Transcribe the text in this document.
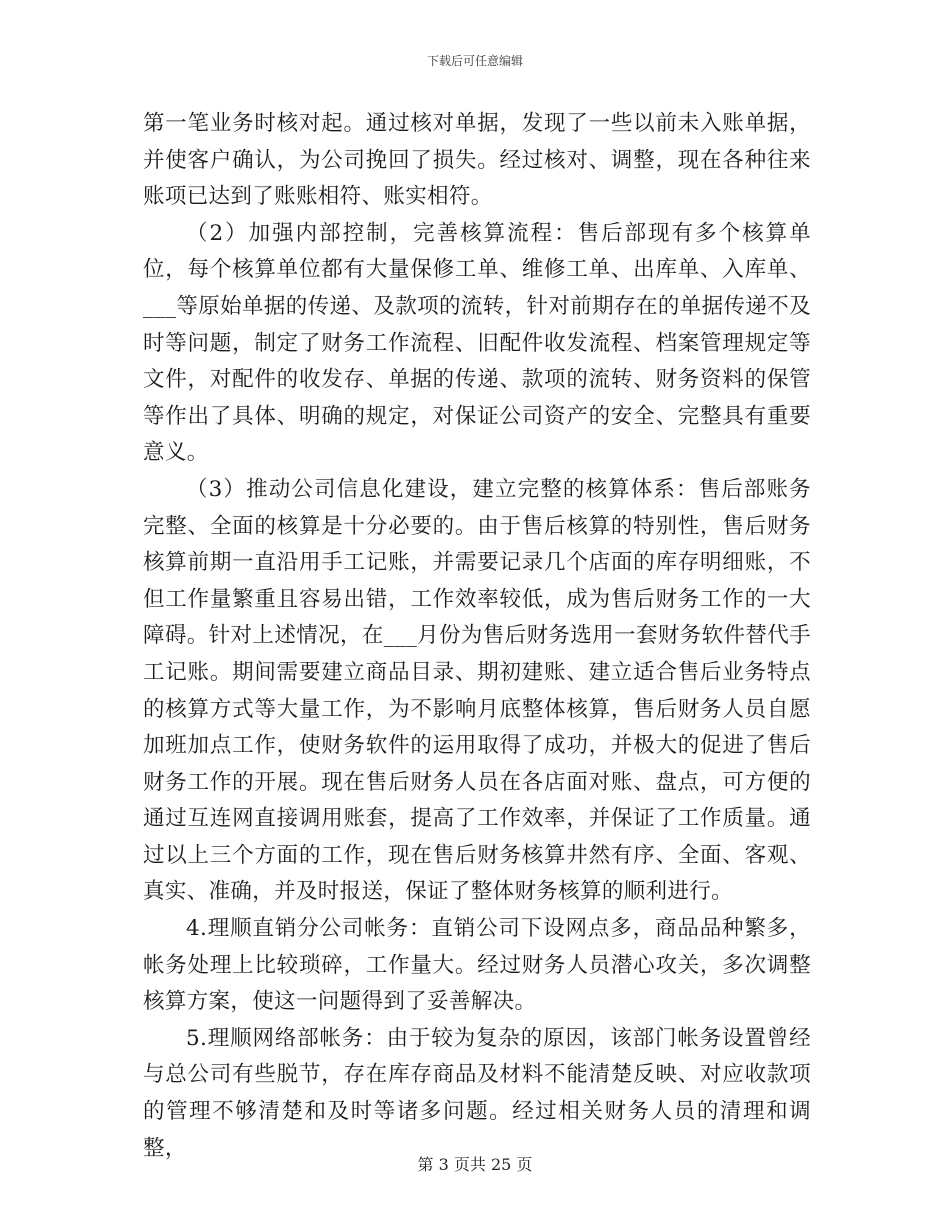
下载后可任意编辑

第一笔业务时核对起。通过核对单据，发现了一些以前未入账单据，并使客户确认，为公司挽回了损失。经过核对、调整，现在各种往来账项已达到了账账相符、账实相符。

（2）加强内部控制，完善核算流程：售后部现有多个核算单位，每个核算单位都有大量保修工单、维修工单、出库单、入库单、___等原始单据的传递、及款项的流转，针对前期存在的单据传递不及时等问题，制定了财务工作流程、旧配件收发流程、档案管理规定等文件，对配件的收发存、单据的传递、款项的流转、财务资料的保管等作出了具体、明确的规定，对保证公司资产的安全、完整具有重要意义。

（3）推动公司信息化建设，建立完整的核算体系：售后部账务完整、全面的核算是十分必要的。由于售后核算的特别性，售后财务核算前期一直沿用手工记账，并需要记录几个店面的库存明细账，不但工作量繁重且容易出错，工作效率较低，成为售后财务工作的一大障碍。针对上述情况，在___月份为售后财务选用一套财务软件替代手工记账。期间需要建立商品目录、期初建账、建立适合售后业务特点的核算方式等大量工作，为不影响月底整体核算，售后财务人员自愿加班加点工作，使财务软件的运用取得了成功，并极大的促进了售后财务工作的开展。现在售后财务人员在各店面对账、盘点，可方便的通过互连网直接调用账套，提高了工作效率，并保证了工作质量。通过以上三个方面的工作，现在售后财务核算井然有序、全面、客观、真实、准确，并及时报送，保证了整体财务核算的顺利进行。

4.理顺直销分公司帐务：直销公司下设网点多，商品品种繁多，帐务处理上比较琐碎，工作量大。经过财务人员潜心攻关，多次调整核算方案，使这一问题得到了妥善解决。

5.理顺网络部帐务：由于较为复杂的原因，该部门帐务设置曾经与总公司有些脱节，存在库存商品及材料不能清楚反映、对应收款项的管理不够清楚和及时等诸多问题。经过相关财务人员的清理和调整，

第 3 页共 25 页
